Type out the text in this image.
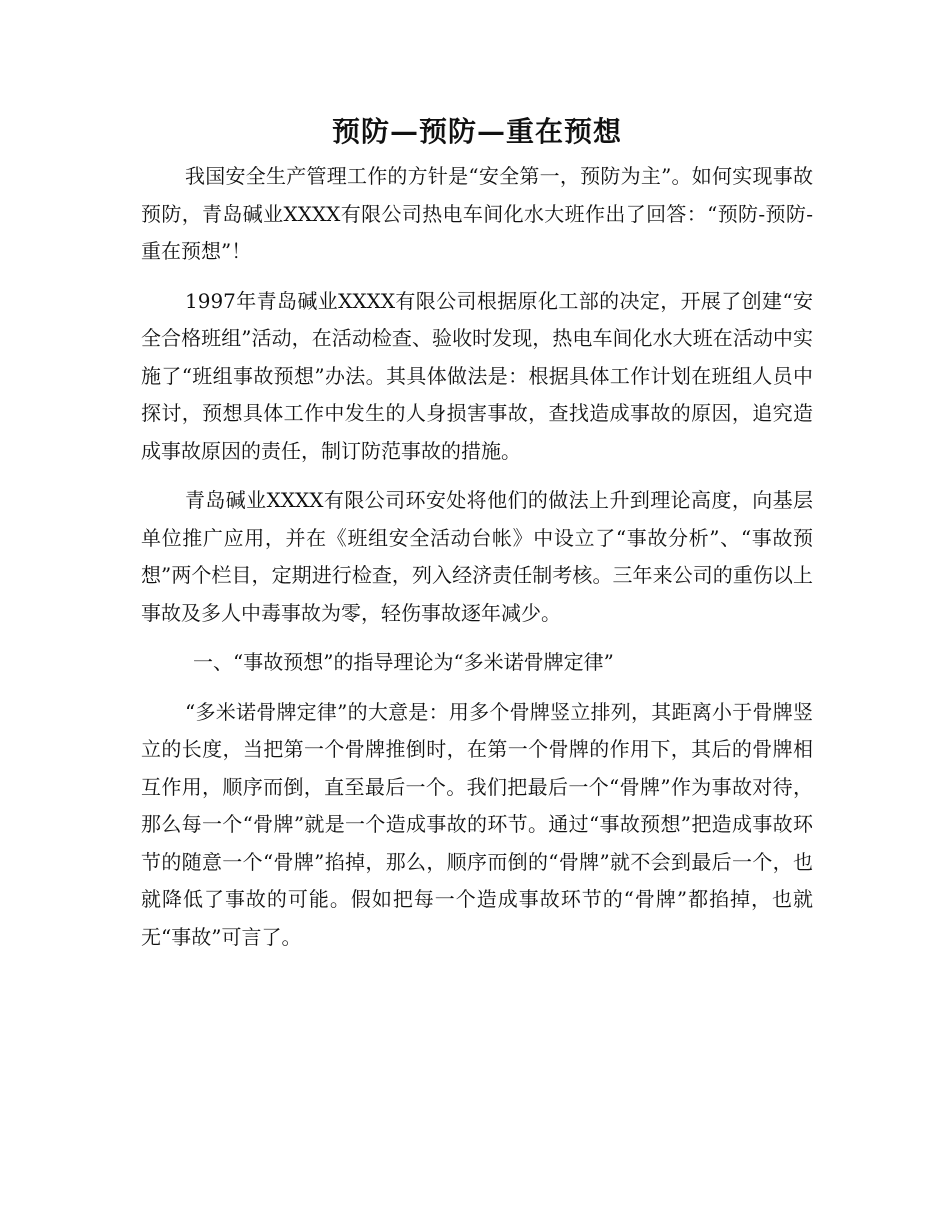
预防—预防—重在预想

我国安全生产管理工作的方针是“安全第一，预防为主”。如何实现事故预防，青岛碱业XXXX有限公司热电车间化水大班作出了回答：“预防-预防-重在预想”！

1997年青岛碱业XXXX有限公司根据原化工部的决定，开展了创建“安全合格班组”活动，在活动检查、验收时发现，热电车间化水大班在活动中实施了“班组事故预想”办法。其具体做法是：根据具体工作计划在班组人员中探讨，预想具体工作中发生的人身损害事故，查找造成事故的原因，追究造成事故原因的责任，制订防范事故的措施。

青岛碱业XXXX有限公司环安处将他们的做法上升到理论高度，向基层单位推广应用，并在《班组安全活动台帐》中设立了“事故分析”、“事故预想”两个栏目，定期进行检查，列入经济责任制考核。三年来公司的重伤以上事故及多人中毒事故为零，轻伤事故逐年减少。

一、“事故预想”的指导理论为“多米诺骨牌定律”

“多米诺骨牌定律”的大意是：用多个骨牌竖立排列，其距离小于骨牌竖立的长度，当把第一个骨牌推倒时，在第一个骨牌的作用下，其后的骨牌相互作用，顺序而倒，直至最后一个。我们把最后一个“骨牌”作为事故对待，那么每一个“骨牌”就是一个造成事故的环节。通过“事故预想”把造成事故环节的随意一个“骨牌”掐掉，那么，顺序而倒的“骨牌”就不会到最后一个，也就降低了事故的可能。假如把每一个造成事故环节的“骨牌”都掐掉，也就无“事故”可言了。
